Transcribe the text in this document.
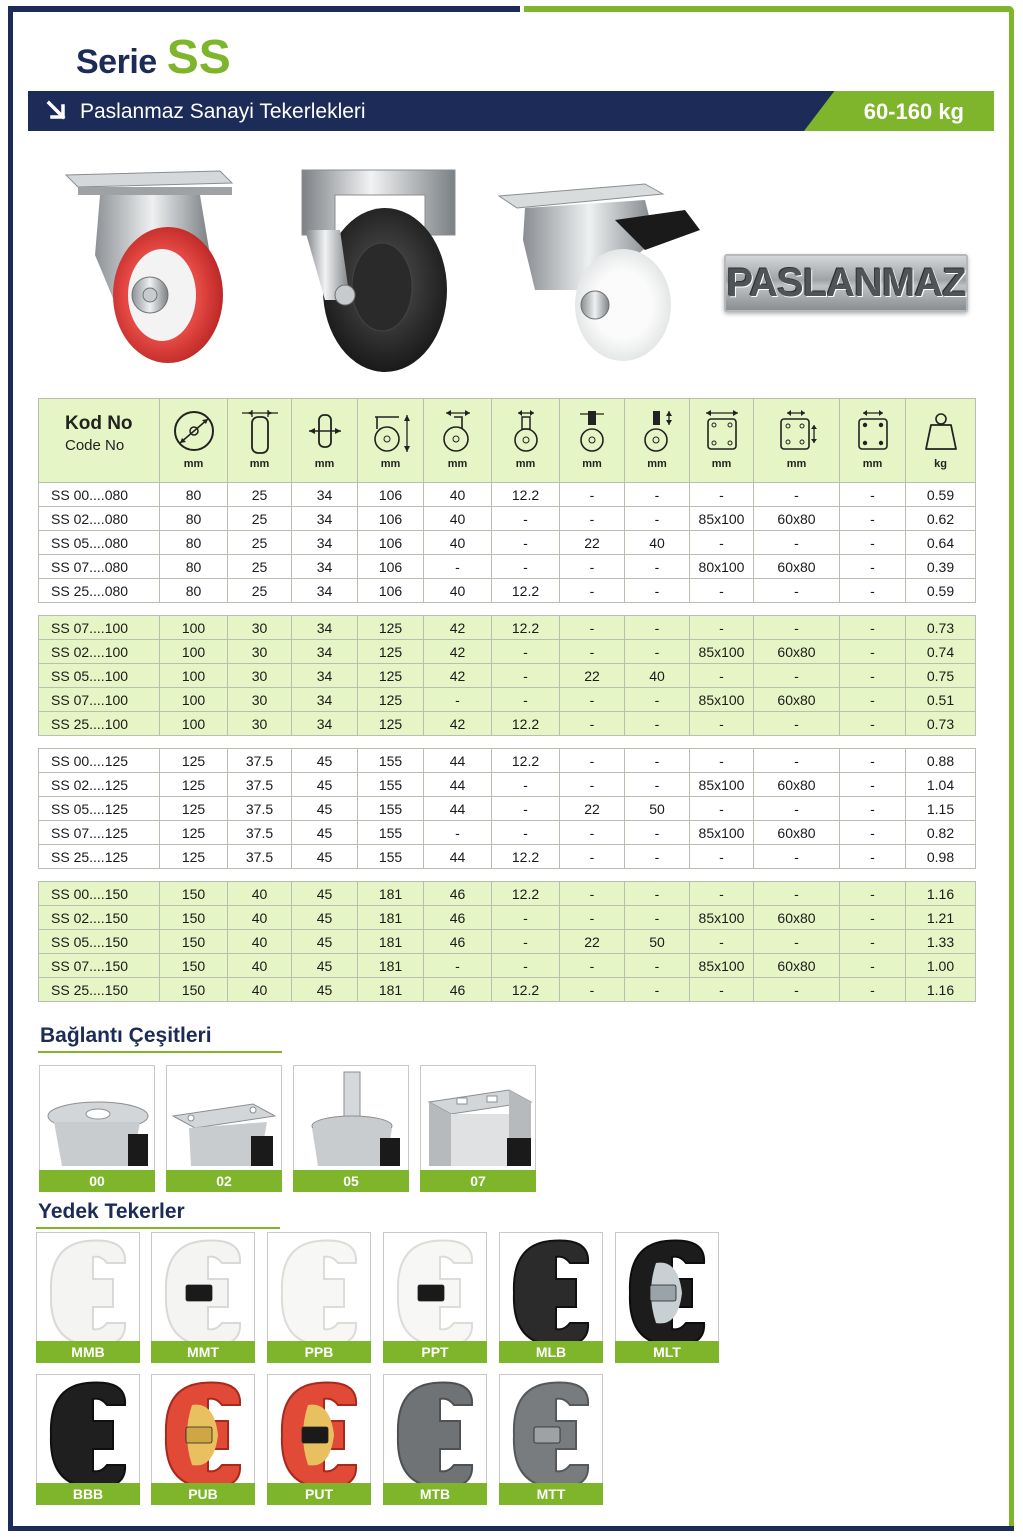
Serie SS
Paslanmaz Sanayi Tekerlekleri	60-160 kg
PASLANMAZ
Kod No
Code No	mm	mm	mm	mm	mm	mm	mm	mm	mm	mm	mm	kg
SS 00....080	80	25	34	106	40	12.2	-	-	-	-	-	0.59
SS 02....080	80	25	34	106	40	-	-	-	85x100	60x80	-	0.62
SS 05....080	80	25	34	106	40	-	22	40	-	-	-	0.64
SS 07....080	80	25	34	106	-	-	-	-	80x100	60x80	-	0.39
SS 25....080	80	25	34	106	40	12.2	-	-	-	-	-	0.59

SS 07....100	100	30	34	125	42	12.2	-	-	-	-	-	0.73
SS 02....100	100	30	34	125	42	-	-	-	85x100	60x80	-	0.74
SS 05....100	100	30	34	125	42	-	22	40	-	-	-	0.75
SS 07....100	100	30	34	125	-	-	-	-	85x100	60x80	-	0.51
SS 25....100	100	30	34	125	42	12.2	-	-	-	-	-	0.73

SS 00....125	125	37.5	45	155	44	12.2	-	-	-	-	-	0.88
SS 02....125	125	37.5	45	155	44	-	-	-	85x100	60x80	-	1.04
SS 05....125	125	37.5	45	155	44	-	22	50	-	-	-	1.15
SS 07....125	125	37.5	45	155	-	-	-	-	85x100	60x80	-	0.82
SS 25....125	125	37.5	45	155	44	12.2	-	-	-	-	-	0.98

SS 00....150	150	40	45	181	46	12.2	-	-	-	-	-	1.16
SS 02....150	150	40	45	181	46	-	-	-	85x100	60x80	-	1.21
SS 05....150	150	40	45	181	46	-	22	50	-	-	-	1.33
SS 07....150	150	40	45	181	-	-	-	-	85x100	60x80	-	1.00
SS 25....150	150	40	45	181	46	12.2	-	-	-	-	-	1.16
Bağlantı Çeşitleri
00	02	05	07
Yedek Tekerler
MMB	MMT	PPB	PPT	MLB	MLT
BBB	PUB	PUT	MTB	MTT
